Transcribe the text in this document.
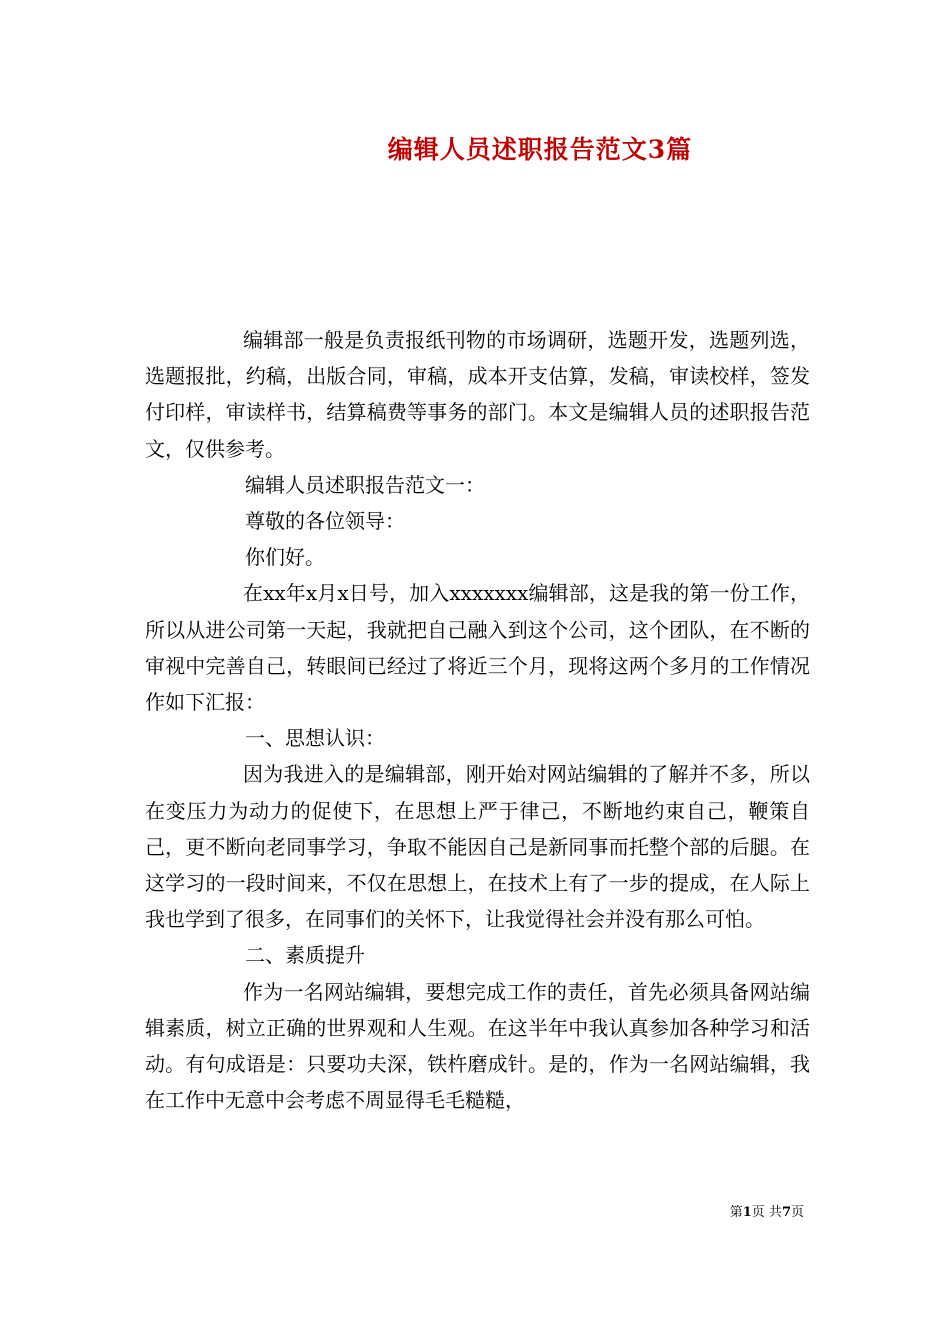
编辑人员述职报告范文3篇

编辑部一般是负责报纸刊物的市场调研，选题开发，选题列选，选题报批，约稿，出版合同，审稿，成本开支估算，发稿，审读校样，签发付印样，审读样书，结算稿费等事务的部门。本文是编辑人员的述职报告范文，仅供参考。

编辑人员述职报告范文一：

尊敬的各位领导：

你们好。

在xx年x月x日号，加入xxxxxxx编辑部，这是我的第一份工作，所以从进公司第一天起，我就把自己融入到这个公司，这个团队，在不断的审视中完善自己，转眼间已经过了将近三个月，现将这两个多月的工作情况作如下汇报：

一、思想认识：

因为我进入的是编辑部，刚开始对网站编辑的了解并不多，所以在变压力为动力的促使下，在思想上严于律己，不断地约束自己，鞭策自己，更不断向老同事学习，争取不能因自己是新同事而托整个部的后腿。在这学习的一段时间来，不仅在思想上，在技术上有了一步的提成，在人际上我也学到了很多，在同事们的关怀下，让我觉得社会并没有那么可怕。

二、素质提升

作为一名网站编辑，要想完成工作的责任，首先必须具备网站编辑素质，树立正确的世界观和人生观。在这半年中我认真参加各种学习和活动。有句成语是：只要功夫深，铁杵磨成针。是的，作为一名网站编辑，我在工作中无意中会考虑不周显得毛毛糙糙，

第1页 共7页
